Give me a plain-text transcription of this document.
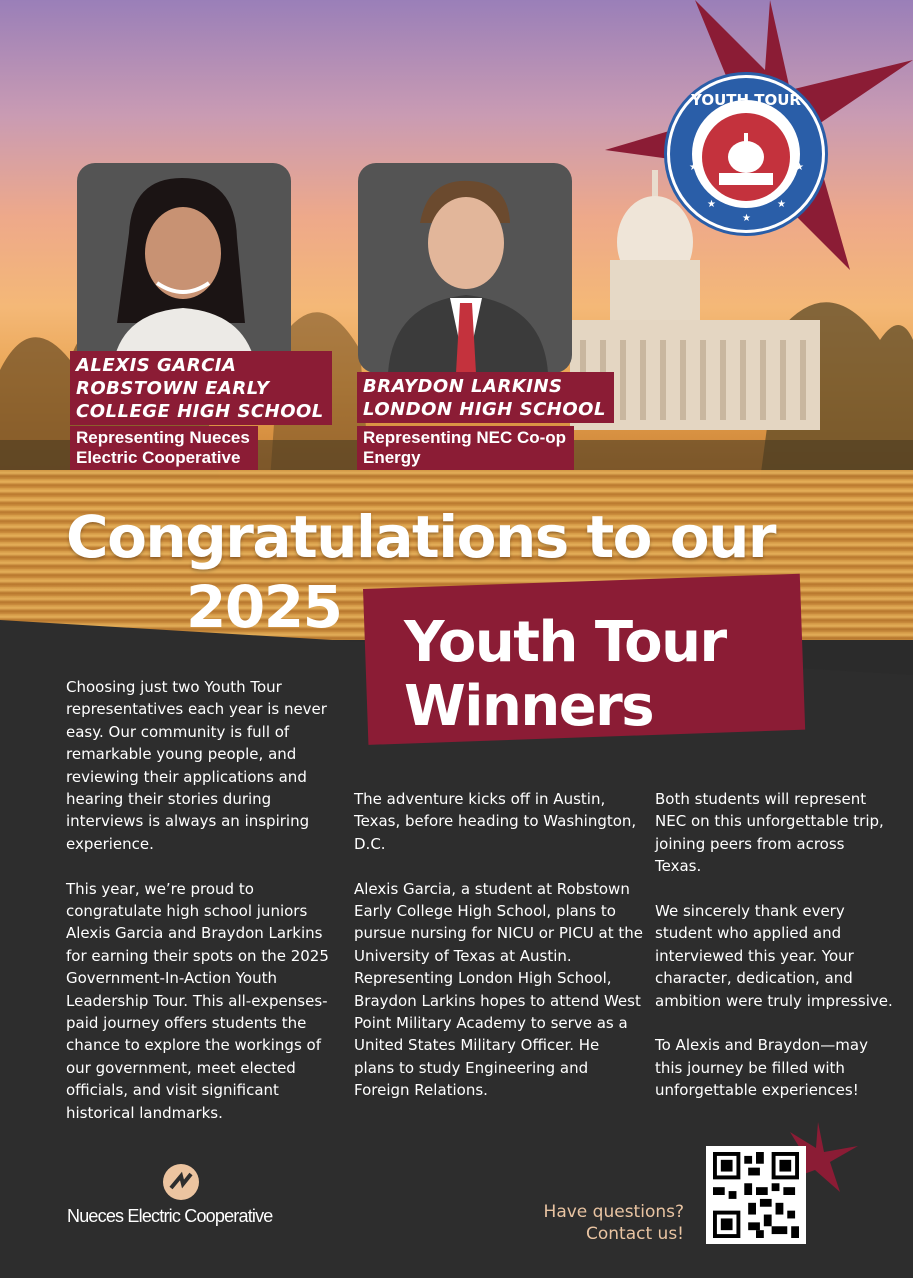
YOUTH TOUR
★	★
★	★
★
ALEXIS GARCIA
ROBSTOWN EARLY
COLLEGE HIGH SCHOOL
Representing Nueces
Electric Cooperative
BRAYDON LARKINS
LONDON HIGH SCHOOL
Representing NEC Co-op
Energy
Congratulations to our
2025
Youth Tour
Winners

Choosing just two Youth Tour representatives each year is never easy. Our community is full of remarkable young people, and reviewing their applications and hearing their stories during interviews is always an inspiring experience.

This year, we’re proud to congratulate high school juniors Alexis Garcia and Braydon Larkins for earning their spots on the 2025 Government-In-Action Youth Leadership Tour. This all-expenses-paid journey offers students the chance to explore the workings of our government, meet elected officials, and visit significant historical landmarks.

The adventure kicks off in Austin, Texas, before heading to Washington, D.C.

Alexis Garcia, a student at Robstown Early College High School, plans to pursue nursing for NICU or PICU at the University of Texas at Austin. Representing London High School, Braydon Larkins hopes to attend West Point Military Academy to serve as a United States Military Officer. He plans to study Engineering and Foreign Relations.

Both students will represent NEC on this unforgettable trip, joining peers from across Texas.

We sincerely thank every student who applied and interviewed this year. Your character, dedication, and ambition were truly impressive.

To Alexis and Braydon—may this journey be filled with unforgettable experiences!

Nueces Electric Cooperative	Have questions?
Contact us!
